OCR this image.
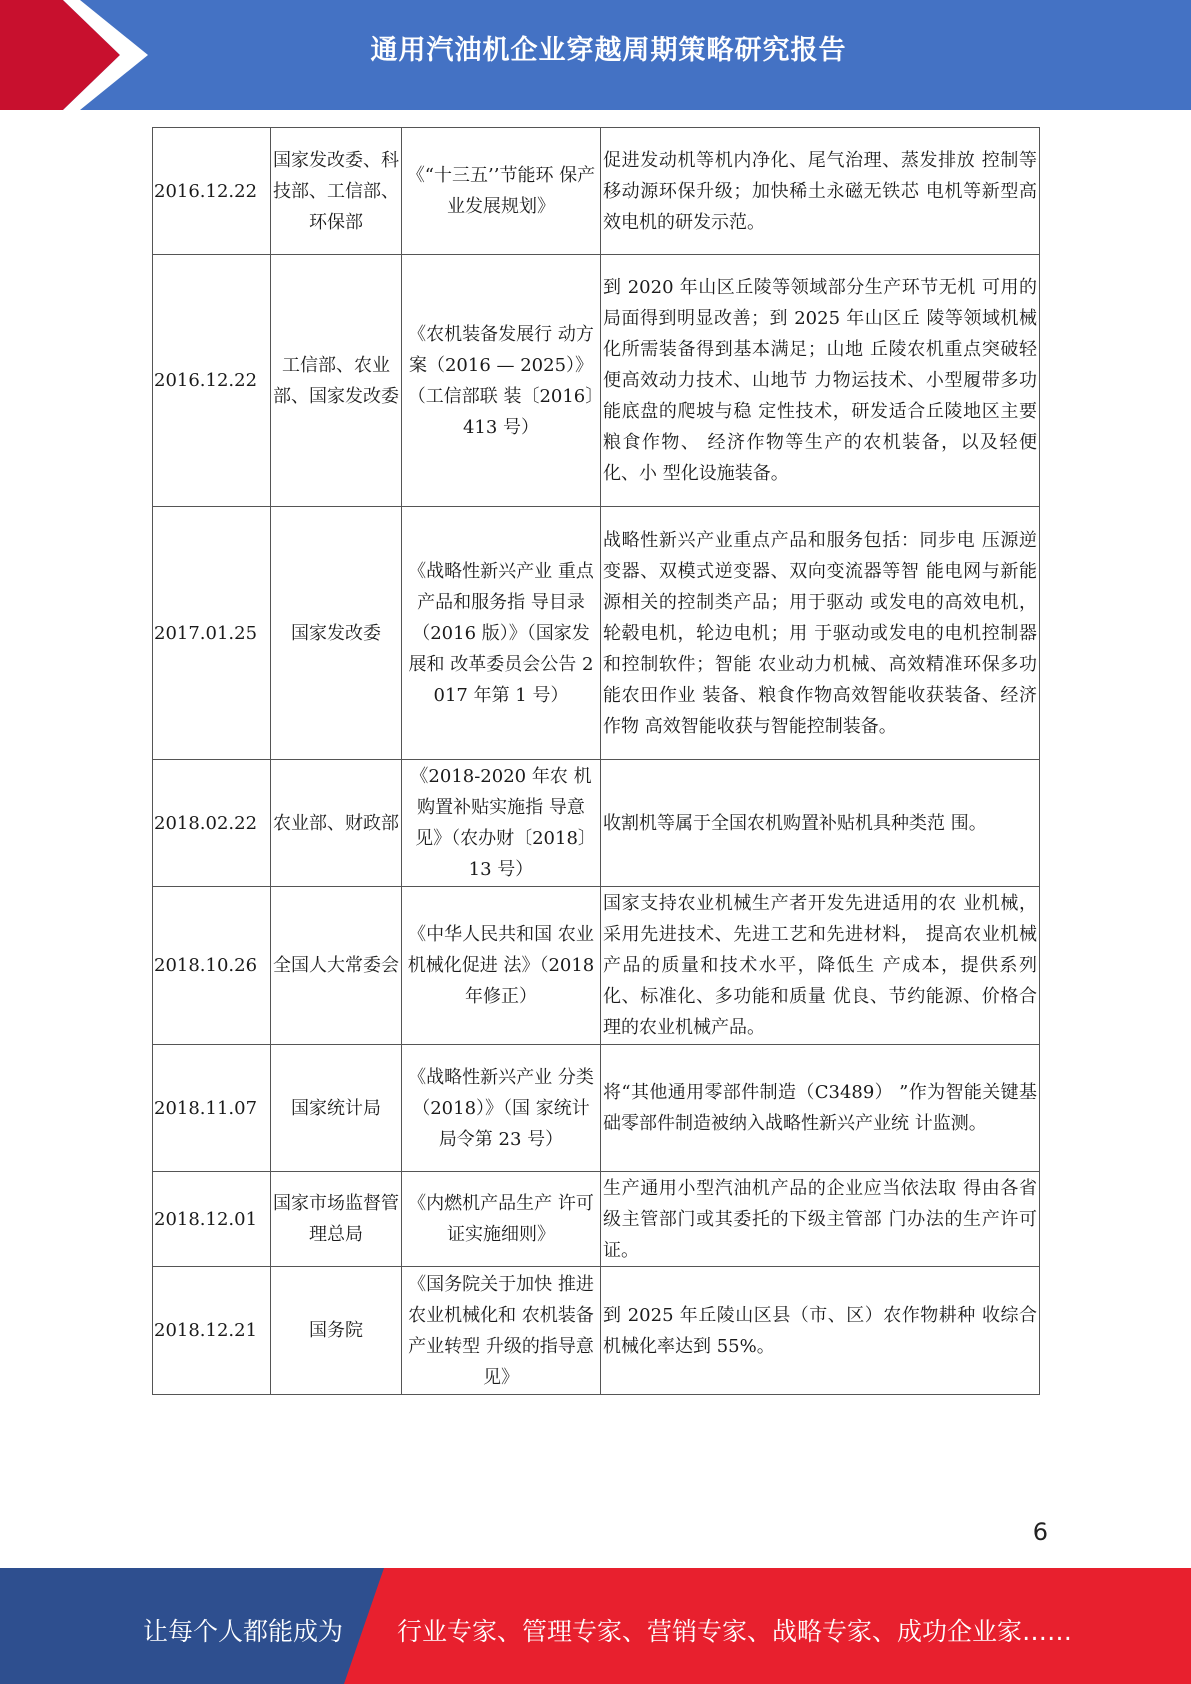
通用汽油机企业穿越周期策略研究报告
2016.12.22	国家发改委、科技部、工信部、环保部	《“十三五’’节能环 保产业发展规划》	促进发动机等机内净化、尾气治理、蒸发排放 控制等移动源环保升级；加快稀土永磁无铁芯 电机等新型高效电机的研发示范。
2016.12.22	工信部、农业部、国家发改委	《农机装备发展行 动方案（2016 — 2025）》（工信部联 装〔2016〕413 号）	到 2020 年山区丘陵等领域部分生产环节无机 可用的局面得到明显改善；到 2025 年山区丘 陵等领域机械化所需装备得到基本满足；山地 丘陵农机重点突破轻便高效动力技术、山地节 力物运技术、小型履带多功能底盘的爬坡与稳 定性技术，研发适合丘陵地区主要粮食作物、 经济作物等生产的农机装备，以及轻便化、小 型化设施装备。
2017.01.25	国家发改委	《战略性新兴产业 重点产品和服务指 导目录（2016 版）》（国家发展和 改革委员会公告 2017 年第 1 号）	战略性新兴产业重点产品和服务包括：同步电 压源逆变器、双模式逆变器、双向变流器等智 能电网与新能源相关的控制类产品；用于驱动 或发电的高效电机，轮毂电机，轮边电机；用 于驱动或发电的电机控制器和控制软件；智能 农业动力机械、高效精准环保多功能农田作业 装备、粮食作物高效智能收获装备、经济作物 高效智能收获与智能控制装备。
2018.02.22	农业部、财政部	《2018-2020 年农 机购置补贴实施指 导意见》（农办财〔2018〕　13 号）	收割机等属于全国农机购置补贴机具种类范 围。
2018.10.26	全国人大常委会	《中华人民共和国 农业机械化促进 法》（2018 年修正）	国家支持农业机械生产者开发先进适用的农 业机械，采用先进技术、先进工艺和先进材料， 提高农业机械产品的质量和技术水平，降低生 产成本，提供系列化、标准化、多功能和质量 优良、节约能源、价格合理的农业机械产品。
2018.11.07	国家统计局	《战略性新兴产业 分类（2018）》（国 家统计局令第 23 号）	将“其他通用零部件制造（C3489） ”作为智能关键基础零部件制造被纳入战略性新兴产业统 计监测。
2018.12.01	国家市场监督管理总局	《内燃机产品生产 许可证实施细则》	生产通用小型汽油机产品的企业应当依法取 得由各省级主管部门或其委托的下级主管部 门办法的生产许可证。
2018.12.21	国务院	《国务院关于加快 推进农业机械化和 农机装备产业转型 升级的指导意见》	到 2025 年丘陵山区县（市、区）农作物耕种 收综合机械化率达到 55%。
6
让每个人都能成为 行业专家、管理专家、营销专家、战略专家、成功企业家……
